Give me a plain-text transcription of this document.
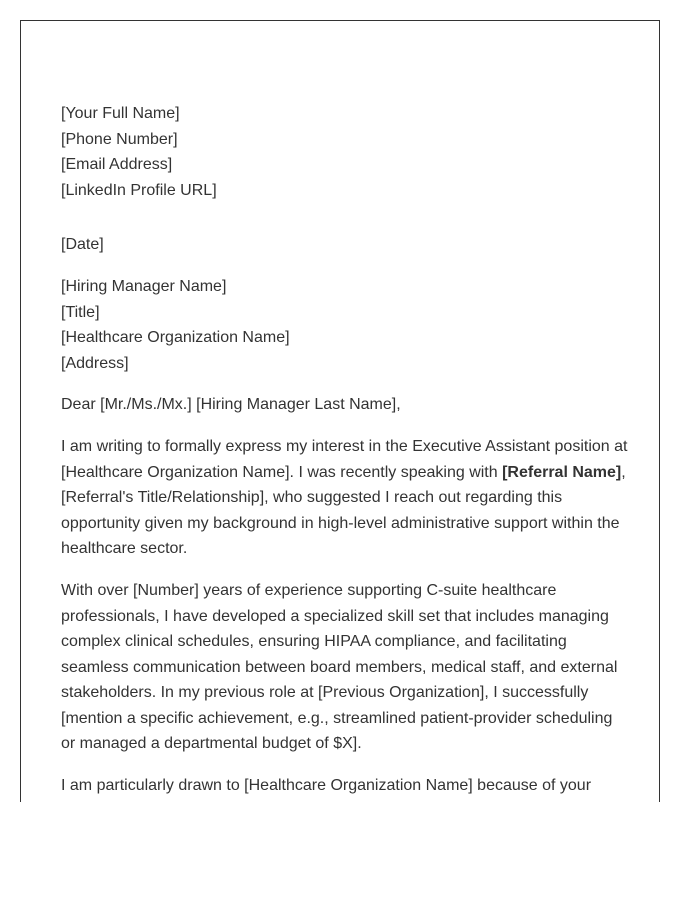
[Your Full Name]
[Phone Number]
[Email Address]
[LinkedIn Profile URL]
[Date]
[Hiring Manager Name]
[Title]
[Healthcare Organization Name]
[Address]

Dear [Mr./Ms./Mx.] [Hiring Manager Last Name],

I am writing to formally express my interest in the Executive Assistant position at [Healthcare Organization Name]. I was recently speaking with [Referral Name], [Referral's Title/Relationship], who suggested I reach out regarding this opportunity given my background in high-level administrative support within the healthcare sector.

With over [Number] years of experience supporting C-suite healthcare professionals, I have developed a specialized skill set that includes managing complex clinical schedules, ensuring HIPAA compliance, and facilitating seamless communication between board members, medical staff, and external stakeholders. In my previous role at [Previous Organization], I successfully [mention a specific achievement, e.g., streamlined patient-provider scheduling or managed a departmental budget of $X].

I am particularly drawn to [Healthcare Organization Name] because of your
